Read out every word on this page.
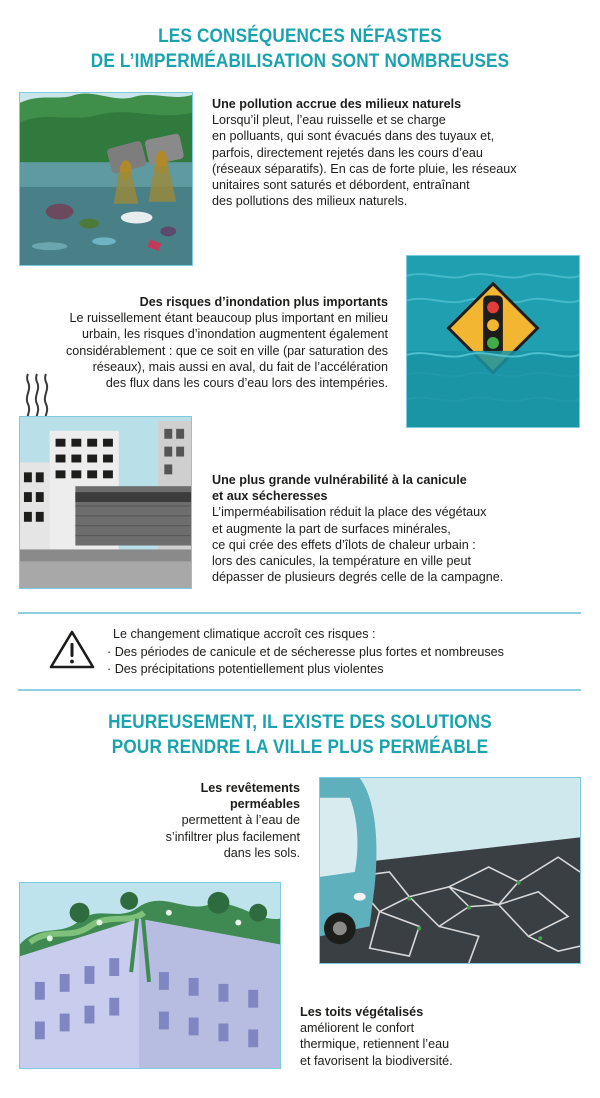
LES CONSÉQUENCES NÉFASTES
DE L’IMPERMÉABILISATION SONT NOMBREUSES
Une pollution accrue des milieux naturels
Lorsqu’il pleut, l’eau ruisselle et se charge
en polluants, qui sont évacués dans des tuyaux et,
parfois, directement rejetés dans les cours d’eau
(réseaux séparatifs). En cas de forte pluie, les réseaux
unitaires sont saturés et débordent, entraînant
des pollutions des milieux naturels.
Des risques d’inondation plus importants
Le ruissellement étant beaucoup plus important en milieu
urbain, les risques d’inondation augmentent également
considérablement : que ce soit en ville (par saturation des
réseaux), mais aussi en aval, du fait de l’accélération
des flux dans les cours d’eau lors des intempéries.
Une plus grande vulnérabilité à la canicule
et aux sécheresses
L’imperméabilisation réduit la place des végétaux
et augmente la part de surfaces minérales,
ce qui crée des effets d’îlots de chaleur urbain :
lors des canicules, la température en ville peut
dépasser de plusieurs degrés celle de la campagne.
Le changement climatique accroît ces risques :
· Des périodes de canicule et de sécheresse plus fortes et nombreuses
· Des précipitations potentiellement plus violentes
HEUREUSEMENT, IL EXISTE DES SOLUTIONS
POUR RENDRE LA VILLE PLUS PERMÉABLE
Les revêtements
perméables
permettent à l’eau de
s’infiltrer plus facilement
dans les sols.
Les toits végétalisés
améliorent le confort
thermique, retiennent l’eau
et favorisent la biodiversité.
